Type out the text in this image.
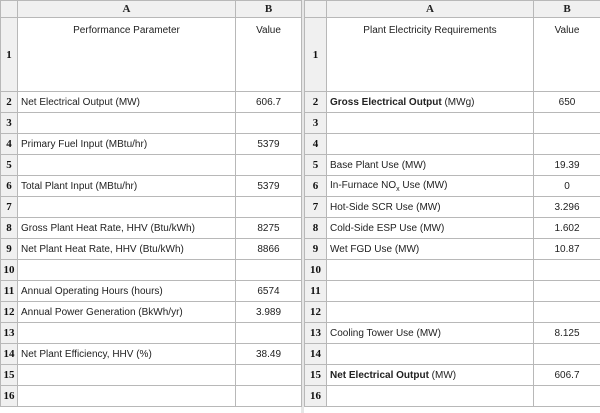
	A	B
1	Performance Parameter	Value
2	Net Electrical Output (MW)	606.7
3		
4	Primary Fuel Input (MBtu/hr)	5379
5		
6	Total Plant Input (MBtu/hr)	5379
7		
8	Gross Plant Heat Rate, HHV (Btu/kWh)	8275
9	Net Plant Heat Rate, HHV (Btu/kWh)	8866
10		
11	Annual Operating Hours (hours)	6574
12	Annual Power Generation (BkWh/yr)	3.989
13		
14	Net Plant Efficiency, HHV (%)	38.49
15		
16		
	A	B
1	Plant Electricity Requirements	Value
2	Gross Electrical Output (MWg)	650
3		
4		
5	Base Plant Use (MW)	19.39
6	In-Furnace $NO_x$ Use (MW)	0
7	Hot-Side SCR Use (MW)	3.296
8	Cold-Side ESP Use (MW)	1.602
9	Wet FGD Use (MW)	10.87
10		
11		
12		
13	Cooling Tower Use (MW)	8.125
14		
15	Net Electrical Output (MW)	606.7
16		
